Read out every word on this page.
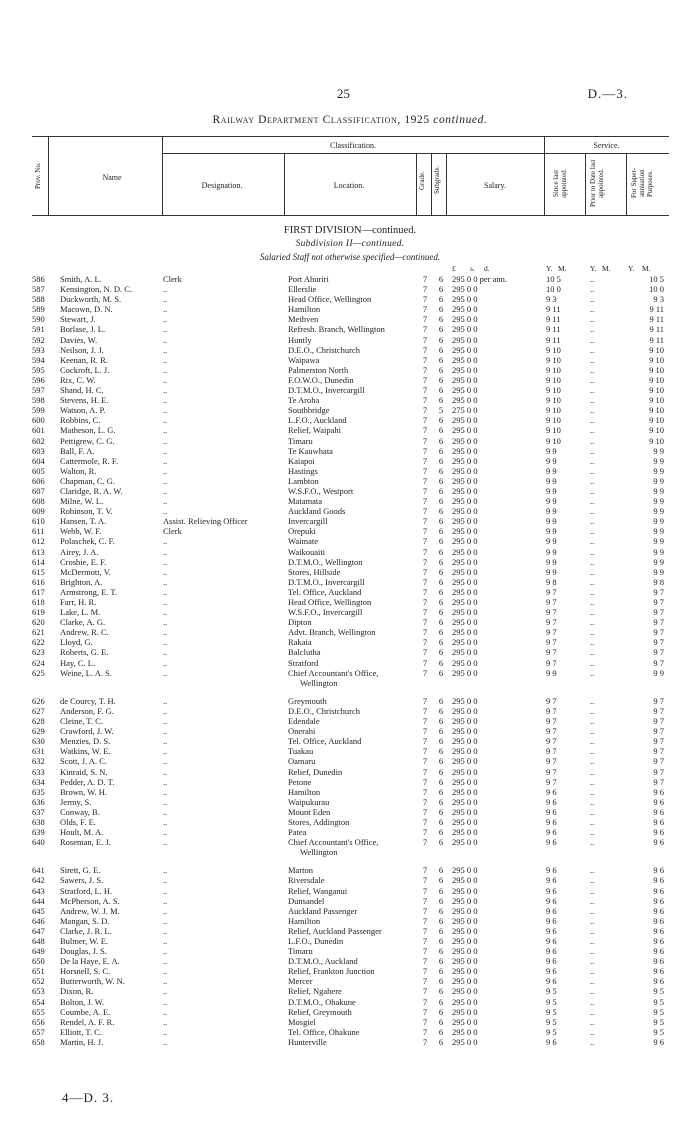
25	D.—3.
Railway Department Classification, 1925 continued.
Prov. No.	Name
Classification.
Designation.	Location.	Grade. Subgrade.	Salary.
Service.
Since last appointed.	Prior to Date last appointed.	For Super-annuation Purposes.
FIRST DIVISION—continued.
Subdivision II—continued.
Salaried Staff not otherwise specified—continued.
£ s. d.	Y. M.	Y. M. Y. M.
586	Smith, A. L.	Clerk	Port Ahuriri	7	6	295 0 0 per ann.	10 5	..	10 5
587	Kensington, N. D. C.	..	Ellerslie	7	6	295 0 0	10 0	..	10 0
588	Duckworth, M. S.	..	Head Office, Wellington	7	6	295 0 0	9 3	..	9 3
589	Macown, D. N.	..	Hamilton	7	6	295 0 0	9 11	..	9 11
590	Stewart, J.	..	Methven	7	6	295 0 0	9 11	..	9 11
591	Borlase, J. L.	..	Refresh. Branch, Wellington	7	6	295 0 0	9 11	..	9 11
592	Davies, W.	..	Huntly	7	6	295 0 0	9 11	..	9 11
593	Neilson, J. J.	..	D.E.O., Christchurch	7	6	295 0 0	9 10	..	9 10
594	Keenan, R. R.	..	Waipawa	7	6	295 0 0	9 10	..	9 10
595	Cockroft, L. J.	..	Palmerston North	7	6	295 0 0	9 10	..	9 10
596	Rix, C. W.	..	F.O.W.O., Dunedin	7	6	295 0 0	9 10	..	9 10
597	Shand, H. C.	..	D.T.M.O., Invercargill	7	6	295 0 0	9 10	..	9 10
598	Stevens, H. E.	..	Te Aroha	7	6	295 0 0	9 10	..	9 10
599	Watson, A. P.	..	Southbridge	7	5	275 0 0	9 10	..	9 10
600	Robbins, C.	..	L.F.O., Auckland	7	6	295 0 0	9 10	..	9 10
601	Matheson, L. G.	..	Relief, Waipahi	7	6	295 0 0	9 10	..	9 10
602	Pettigrew, C. G.	..	Timaru	7	6	295 0 0	9 10	..	9 10
603	Ball, F. A.	..	Te Kauwhata	7	6	295 0 0	9 9	..	9 9
604	Cattermole, R. F.	..	Kaiapoi	7	6	295 0 0	9 9	..	9 9
605	Walton, R.	..	Hastings	7	6	295 0 0	9 9	..	9 9
606	Chapman, C. G.	..	Lambton	7	6	295 0 0	9 9	..	9 9
607	Claridge, R. A. W.	..	W.S.F.O., Westport	7	6	295 0 0	9 9	..	9 9
608	Milne, W. L.	..	Matamata	7	6	295 0 0	9 9	..	9 9
609	Robinson, T. V.	..	Auckland Goods	7	6	295 0 0	9 9	..	9 9
610	Hansen, T. A.	Assist. Relieving Officer	Invercargill	7	6	295 0 0	9 9	..	9 9
611	Webb, W. F.	Clerk	Orepuki	7	6	295 0 0	9 9	..	9 9
612	Polaschek, C. F.	..	Waimate	7	6	295 0 0	9 9	..	9 9
613	Airey, J. A.	..	Waikouaiti	7	6	295 0 0	9 9	..	9 9
614	Crosbie, E. F.	..	D.T.M.O., Wellington	7	6	295 0 0	9 9	..	9 9
615	McDermott, V.	..	Stores, Hillside	7	6	295 0 0	9 9	..	9 9
616	Brighton, A.	..	D.T.M.O., Invercargill	7	6	295 0 0	9 8	..	9 8
617	Armstrong, E. T.	..	Tel. Office, Auckland	7	6	295 0 0	9 7	..	9 7
618	Farr, H. R.	..	Head Office, Wellington	7	6	295 0 0	9 7	..	9 7
619	Lake, L. M.	..	W.S.F.O., Invercargill	7	6	295 0 0	9 7	..	9 7
620	Clarke, A. G.	..	Dipton	7	6	295 0 0	9 7	..	9 7
621	Andrew, R. C.	..	Advt. Branch, Wellington	7	6	295 0 0	9 7	..	9 7
622	Lloyd, G.	..	Rakaia	7	6	295 0 0	9 7	..	9 7
623	Roberts, G. E.	..	Balclutha	7	6	295 0 0	9 7	..	9 7
624	Hay, C. L.	..	Stratford	7	6	295 0 0	9 7	..	9 7
625	Weine, L. A. S.	..	Chief Accountant's Office,	7	6	295 0 0	9 9	..	9 9
Wellington
626	de Courcy, T. H.	..	Greymouth	7	6	295 0 0	9 7	..	9 7
627	Anderson, F. G.	..	D.E.O., Christchurch	7	6	295 0 0	9 7	..	9 7
628	Cleine, T. C.	..	Edendale	7	6	295 0 0	9 7	..	9 7
629	Crawford, J. W.	..	Onerahi	7	6	295 0 0	9 7	..	9 7
630	Menzies, D. S.	..	Tel. Office, Auckland	7	6	295 0 0	9 7	..	9 7
631	Watkins, W. E.	..	Tuakau	7	6	295 0 0	9 7	..	9 7
632	Scott, J. A. C.	..	Oamaru	7	6	295 0 0	9 7	..	9 7
633	Kinraid, S. N.	..	Relief, Dunedin	7	6	295 0 0	9 7	..	9 7
634	Pedder, A. D. T.	..	Petone	7	6	295 0 0	9 7	..	9 7
635	Brown, W. H.	..	Hamilton	7	6	295 0 0	9 6	..	9 6
636	Jermy, S.	..	Waipukurau	7	6	295 0 0	9 6	..	9 6
637	Conway, B.	..	Mount Eden	7	6	295 0 0	9 6	..	9 6
638	Olds, F. E.	..	Stores, Addington	7	6	295 0 0	9 6	..	9 6
639	Hoult, M. A.	..	Patea	7	6	295 0 0	9 6	..	9 6
640	Roseman, E. J.	..	Chief Accountant's Office,	7	6	295 0 0	9 6	..	9 6
Wellington
641	Sirett, G. E.	..	Marton	7	6	295 0 0	9 6	..	9 6
642	Sawers, J. S.	..	Riversdale	7	6	295 0 0	9 6	..	9 6
643	Stratford, L. H.	..	Relief, Wanganui	7	6	295 0 0	9 6	..	9 6
644	McPherson, A. S.	..	Dunsandel	7	6	295 0 0	9 6	..	9 6
645	Andrew, W. J. M.	..	Auckland Passenger	7	6	295 0 0	9 6	..	9 6
646	Mangan, S. D.	..	Hamilton	7	6	295 0 0	9 6	..	9 6
647	Clarke, J. R. L.	..	Relief, Auckland Passenger	7	6	295 0 0	9 6	..	9 6
648	Bulmer, W. E.	..	L.F.O., Dunedin	7	6	295 0 0	9 6	..	9 6
649	Douglas, J. S.	..	Timaru	7	6	295 0 0	9 6	..	9 6
650	De la Haye, E. A.	..	D.T.M.O., Auckland	7	6	295 0 0	9 6	..	9 6
651	Horsnell, S. C.	..	Relief, Frankton Junction	7	6	295 0 0	9 6	..	9 6
652	Butterworth, W. N.	..	Mercer	7	6	295 0 0	9 6	..	9 6
653	Dixon, R.	..	Relief, Ngahere	7	6	295 0 0	9 5	..	9 5
654	Bolton, J. W.	..	D.T.M.O., Ohakune	7	6	295 0 0	9 5	..	9 5
655	Coumbe, A. E.	..	Relief, Greymouth	7	6	295 0 0	9 5	..	9 5
656	Rendel, A. F. R.	..	Mosgiel	7	6	295 0 0	9 5	..	9 5
657	Elliott, T. C.	..	Tel. Office, Ohakune	7	6	295 0 0	9 5	..	9 5
658	Martin, H. J.	..	Hunterville	7	6	295 0 0	9 6	..	9 6
4—D. 3.
